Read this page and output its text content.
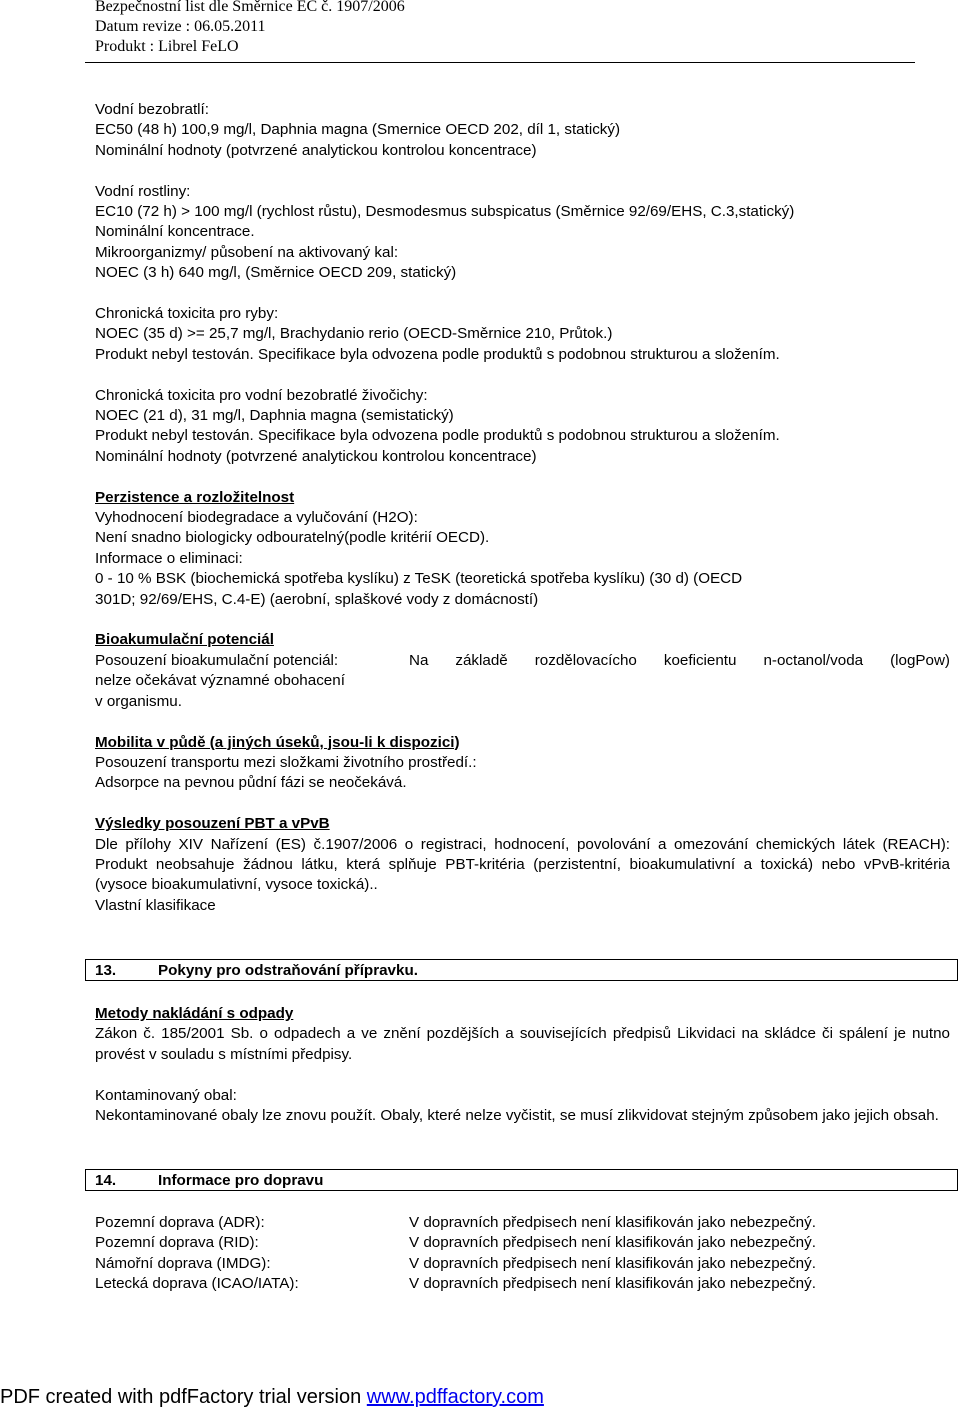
Bezpečnostní list dle Směrnice EC č. 1907/2006
Datum revize : 06.05.2011
Produkt : Librel FeLO

Vodní bezobratlí:

EC50 (48 h) 100,9 mg/l, Daphnia magna (Smernice OECD 202, díl 1, statický)

Nominální hodnoty (potvrzené analytickou kontrolou koncentrace)

Vodní rostliny:

EC10 (72 h) > 100 mg/l (rychlost růstu), Desmodesmus subspicatus (Směrnice 92/69/EHS, C.3,statický)

Nominální koncentrace.

Mikroorganizmy/ působení na aktivovaný kal:

NOEC (3 h) 640 mg/l, (Směrnice OECD 209, statický)

Chronická toxicita pro ryby:

NOEC (35 d) >= 25,7 mg/l, Brachydanio rerio (OECD-Směrnice 210, Průtok.)

Produkt nebyl testován. Specifikace byla odvozena podle produktů s podobnou strukturou a složením.

Chronická toxicita pro vodní bezobratlé živočichy:

NOEC (21 d), 31 mg/l, Daphnia magna (semistatický)

Produkt nebyl testován. Specifikace byla odvozena podle produktů s podobnou strukturou a složením.

Nominální hodnoty (potvrzené analytickou kontrolou koncentrace)

Perzistence a rozložitelnost

Vyhodnocení biodegradace a vylučování (H2O):

Není snadno biologicky odbouratelný(podle kritérií OECD).

Informace o eliminaci:

0 - 10 % BSK (biochemická spotřeba kyslíku) z TeSK (teoretická spotřeba kyslíku) (30 d) (OECD

301D; 92/69/EHS, C.4-E) (aerobní, splaškové vody z domácností)

Bioakumulační potenciál

Posouzení bioakumulační potenciál:

nelze očekávat významné obohacení

v organismu.

Na základě rozdělovacícho koeficientu n-octanol/voda (logPow)

Mobilita v půdě (a jiných úseků, jsou-li k dispozici)

Posouzení transportu mezi složkami životního prostředí.:

Adsorpce na pevnou půdní fázi se neočekává.

Výsledky posouzení PBT a vPvB

Dle přílohy XIV Nařízení (ES) č.1907/2006 o registraci, hodnocení, povolování a omezování chemických látek (REACH): Produkt neobsahuje žádnou látku, která splňuje PBT-kritéria (perzistentní, bioakumulativní a toxická) nebo vPvB-kritéria (vysoce bioakumulativní, vysoce toxická)..

Vlastní klasifikace

13.	Pokyny pro odstraňování přípravku.

Metody nakládání s odpady

Zákon č. 185/2001 Sb. o odpadech a ve znění pozdějších a souvisejících předpisů Likvidaci na skládce či spálení je nutno provést v souladu s místními předpisy.

Kontaminovaný obal:

Nekontaminované obaly lze znovu použít. Obaly, které nelze vyčistit, se musí zlikvidovat stejným způsobem jako jejich obsah.

14.	Informace pro dopravu
Pozemní doprava (ADR):	V dopravních předpisech není klasifikován jako nebezpečný.
Pozemní doprava (RID):	V dopravních předpisech není klasifikován jako nebezpečný.
Námořní doprava (IMDG):	V dopravních předpisech není klasifikován jako nebezpečný.
Letecká doprava (ICAO/IATA):	V dopravních předpisech není klasifikován jako nebezpečný.
PDF created with pdfFactory trial version www.pdffactory.com
